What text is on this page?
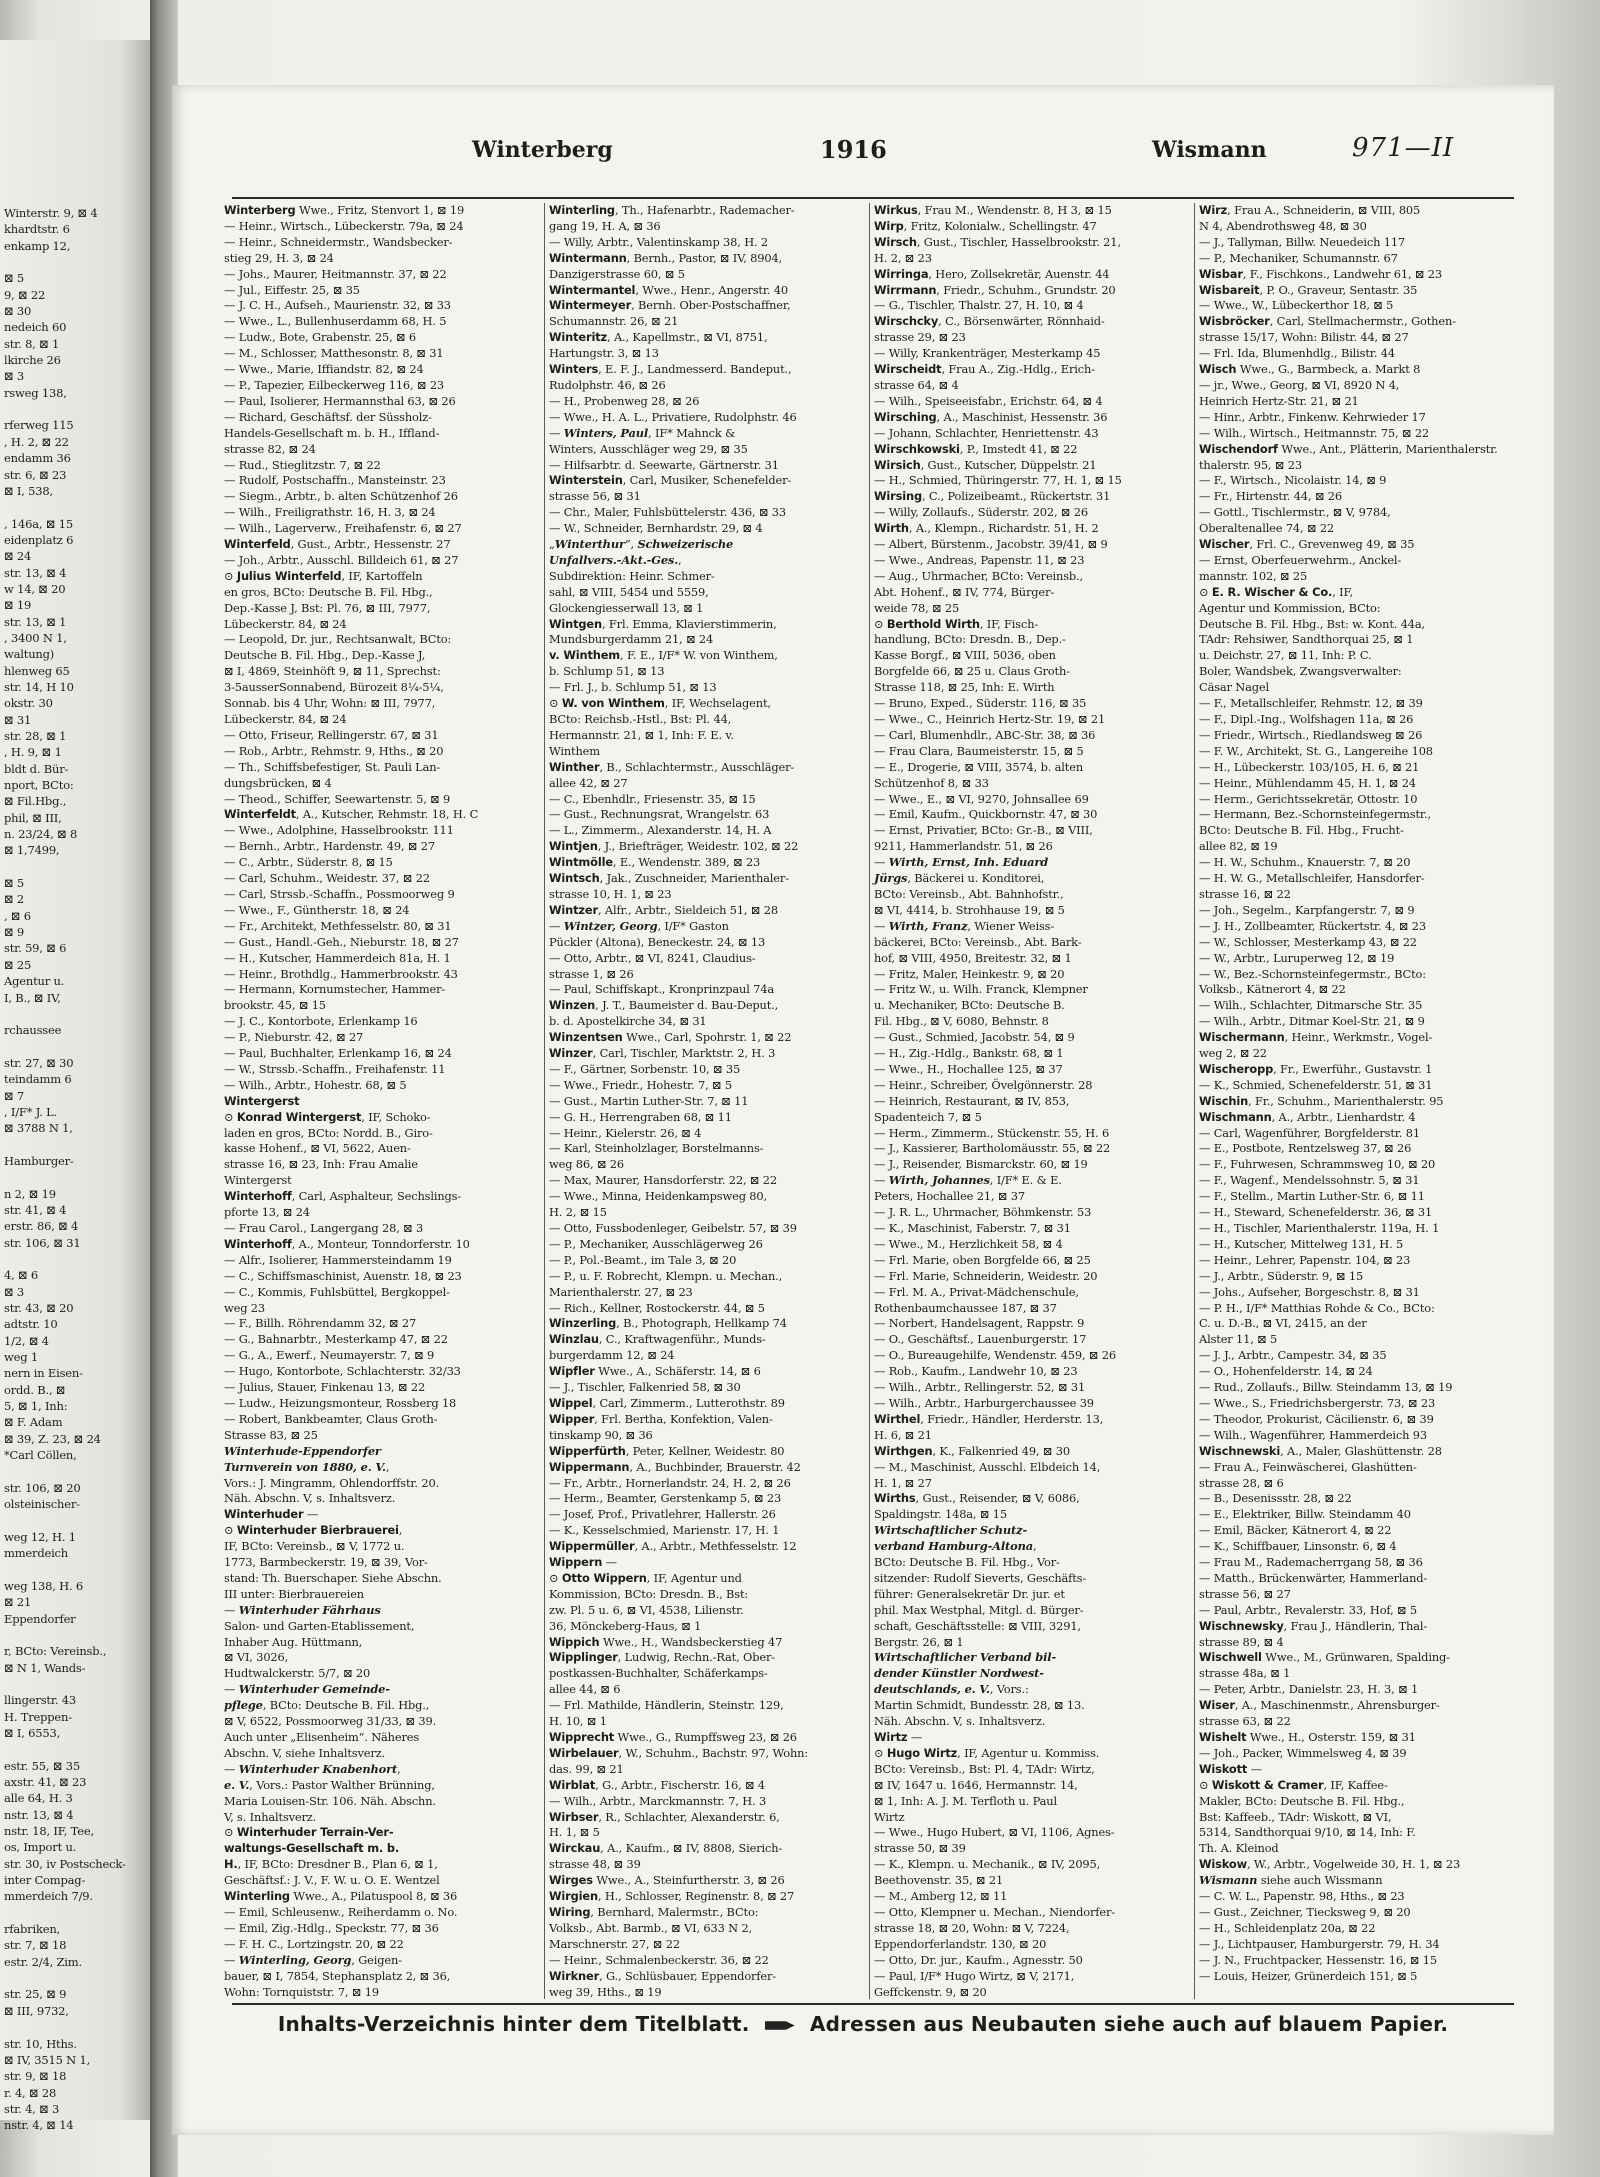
Winterstr. 9, ⊠ 4
khardtstr. 6
enkamp 12,

⊠ 5
9, ⊠ 22
⊠ 30
nedeich 60
str. 8, ⊠ 1
lkirche 26
⊠ 3
rsweg 138,

rferweg 115
, H. 2, ⊠ 22
endamm 36
str. 6, ⊠ 23
⊠ I, 538,

, 146a, ⊠ 15
eidenplatz 6
⊠ 24
str. 13, ⊠ 4
w 14, ⊠ 20
⊠ 19
str. 13, ⊠ 1
, 3400 N 1,
waltung)
hlenweg 65
str. 14, H 10
okstr. 30
⊠ 31
str. 28, ⊠ 1
, H. 9, ⊠ 1
bldt d. Bür-
nport, BCto:
⊠ Fil.Hbg.,
phil, ⊠ III,
n. 23/24, ⊠ 8
⊠ 1,7499,

⊠ 5
⊠ 2
, ⊠ 6
⊠ 9
str. 59, ⊠ 6
⊠ 25
Agentur u.
I, B., ⊠ IV,

rchaussee

str. 27, ⊠ 30
teindamm 6
⊠ 7
, I/F* J. L.
⊠ 3788 N 1,

Hamburger-

n 2, ⊠ 19
str. 41, ⊠ 4
erstr. 86, ⊠ 4
str. 106, ⊠ 31

4, ⊠ 6
⊠ 3
str. 43, ⊠ 20
adtstr. 10
1/2, ⊠ 4
weg 1
nern in Eisen-
ordd. B., ⊠
5, ⊠ 1, Inh:
⊠ F. Adam
⊠ 39, Z. 23, ⊠ 24
*Carl Cöllen,

str. 106, ⊠ 20
olsteinischer-

weg 12, H. 1
mmerdeich

weg 138, H. 6
⊠ 21
Eppendorfer

r, BCto: Vereinsb.,
⊠ N 1, Wands-

llingerstr. 43
H. Treppen-
⊠ I, 6553,

estr. 55, ⊠ 35
axstr. 41, ⊠ 23
alle 64, H. 3
nstr. 13, ⊠ 4
nstr. 18, IF, Tee,
os, Import u.
str. 30, iv Postscheck-
inter Compag-
mmerdeich 7/9.

rfabriken,
str. 7, ⊠ 18
estr. 2/4, Zim.

str. 25, ⊠ 9
⊠ III, 9732,

str. 10, Hths.
⊠ IV, 3515 N 1,
str. 9, ⊠ 18
r. 4, ⊠ 28
str. 4, ⊠ 3
nstr. 4, ⊠ 14
Winterberg	1916	Wismann	971—II
Winterberg Wwe., Fritz, Stenvort 1, ⊠ 19
— Heinr., Wirtsch., Lübeckerstr. 79a, ⊠ 24
— Heinr., Schneidermstr., Wandsbecker-
stieg 29, H. 3, ⊠ 24
— Johs., Maurer, Heitmannstr. 37, ⊠ 22
— Jul., Eiffestr. 25, ⊠ 35
— J. C. H., Aufseh., Maurienstr. 32, ⊠ 33
— Wwe., L., Bullenhuserdamm 68, H. 5
— Ludw., Bote, Grabenstr. 25, ⊠ 6
— M., Schlosser, Matthesonstr. 8, ⊠ 31
— Wwe., Marie, Iffiandstr. 82, ⊠ 24
— P., Tapezier, Eilbeckerweg 116, ⊠ 23
— Paul, Isolierer, Hermannsthal 63, ⊠ 26
— Richard, Geschäftsf. der Süssholz-
Handels-Gesellschaft m. b. H., Iffland-
strasse 82, ⊠ 24
— Rud., Stieglitzstr. 7, ⊠ 22
— Rudolf, Postschaffn., Mansteinstr. 23
— Siegm., Arbtr., b. alten Schützenhof 26
— Wilh., Freiligrathstr. 16, H. 3, ⊠ 24
— Wilh., Lagerverw., Freihafenstr. 6, ⊠ 27
Winterfeld, Gust., Arbtr., Hessenstr. 27
— Joh., Arbtr., Ausschl. Billdeich 61, ⊠ 27
⊙ Julius Winterfeld, IF, Kartoffeln
en gros, BCto: Deutsche B. Fil. Hbg.,
Dep.-Kasse J, Bst: Pl. 76, ⊠ III, 7977,
Lübeckerstr. 84, ⊠ 24
— Leopold, Dr. jur., Rechtsanwalt, BCto:
Deutsche B. Fil. Hbg., Dep.-Kasse J,
⊠ I, 4869, Steinhöft 9, ⊠ 11, Sprechst:
3-5ausserSonnabend, Bürozeit 8¼-5¼,
Sonnab. bis 4 Uhr, Wohn: ⊠ III, 7977,
Lübeckerstr. 84, ⊠ 24
— Otto, Friseur, Rellingerstr. 67, ⊠ 31
— Rob., Arbtr., Rehmstr. 9, Hths., ⊠ 20
— Th., Schiffsbefestiger, St. Pauli Lan-
dungsbrücken, ⊠ 4
— Theod., Schiffer, Seewartenstr. 5, ⊠ 9
Winterfeldt, A., Kutscher, Rehmstr. 18, H. C
— Wwe., Adolphine, Hasselbrookstr. 111
— Bernh., Arbtr., Hardenstr. 49, ⊠ 27
— C., Arbtr., Süderstr. 8, ⊠ 15
— Carl, Schuhm., Weidestr. 37, ⊠ 22
— Carl, Strssb.-Schaffn., Possmoorweg 9
— Wwe., F., Güntherstr. 18, ⊠ 24
— Fr., Architekt, Methfesselstr. 80, ⊠ 31
— Gust., Handl.-Geh., Nieburstr. 18, ⊠ 27
— H., Kutscher, Hammerdeich 81a, H. 1
— Heinr., Brothdlg., Hammerbrookstr. 43
— Hermann, Kornumstecher, Hammer-
brookstr. 45, ⊠ 15
— J. C., Kontorbote, Erlenkamp 16
— P., Nieburstr. 42, ⊠ 27
— Paul, Buchhalter, Erlenkamp 16, ⊠ 24
— W., Strssb.-Schaffn., Freihafenstr. 11
— Wilh., Arbtr., Hohestr. 68, ⊠ 5
Wintergerst
⊙ Konrad Wintergerst, IF, Schoko-
laden en gros, BCto: Nordd. B., Giro-
kasse Hohenf., ⊠ VI, 5622, Auen-
strasse 16, ⊠ 23, Inh: Frau Amalie
Wintergerst
Winterhoff, Carl, Asphalteur, Sechslings-
pforte 13, ⊠ 24
— Frau Carol., Langergang 28, ⊠ 3
Winterhoff, A., Monteur, Tonndorferstr. 10
— Alfr., Isolierer, Hammersteindamm 19
— C., Schiffsmaschinist, Auenstr. 18, ⊠ 23
— C., Kommis, Fuhlsbüttel, Bergkoppel-
weg 23
— F., Billh. Röhrendamm 32, ⊠ 27
— G., Bahnarbtr., Mesterkamp 47, ⊠ 22
— G., A., Ewerf., Neumayerstr. 7, ⊠ 9
— Hugo, Kontorbote, Schlachterstr. 32/33
— Julius, Stauer, Finkenau 13, ⊠ 22
— Ludw., Heizungsmonteur, Rossberg 18
— Robert, Bankbeamter, Claus Groth-
Strasse 83, ⊠ 25
Winterhude-Eppendorfer
Turnverein von 1880, e. V.,
Vors.: J. Mingramm, Ohlendorffstr. 20.
Näh. Abschn. V, s. Inhaltsverz.
Winterhuder —
⊙ Winterhuder Bierbrauerei,
IF, BCto: Vereinsb., ⊠ V, 1772 u.
1773, Barmbeckerstr. 19, ⊠ 39, Vor-
stand: Th. Buerschaper. Siehe Abschn.
III unter: Bierbrauereien
— Winterhuder Fährhaus
Salon- und Garten-Etablissement,
Inhaber Aug. Hüttmann,
⊠ VI, 3026,
Hudtwalckerstr. 5/7, ⊠ 20
— Winterhuder Gemeinde-
pflege, BCto: Deutsche B. Fil. Hbg.,
⊠ V, 6522, Possmoorweg 31/33, ⊠ 39.
Auch unter „Elisenheim“. Näheres
Abschn. V, siehe Inhaltsverz.
— Winterhuder Knabenhort,
e. V., Vors.: Pastor Walther Brünning,
Maria Louisen-Str. 106. Näh. Abschn.
V, s. Inhaltsverz.
⊙ Winterhuder Terrain-Ver-
waltungs-Gesellschaft m. b.
H., IF, BCto: Dresdner B., Plan 6, ⊠ 1,
Geschäftsf.: J. V., F. W. u. O. E. Wentzel
Winterling Wwe., A., Pilatuspool 8, ⊠ 36
— Emil, Schleusenw., Reiherdamm o. No.
— Emil, Zig.-Hdlg., Speckstr. 77, ⊠ 36
— F. H. C., Lortzingstr. 20, ⊠ 22
— Winterling, Georg, Geigen-
bauer, ⊠ I, 7854, Stephansplatz 2, ⊠ 36,
Wohn: Tornquiststr. 7, ⊠ 19
Winterling, Th., Hafenarbtr., Rademacher-
gang 19, H. A, ⊠ 36
— Willy, Arbtr., Valentinskamp 38, H. 2
Wintermann, Bernh., Pastor, ⊠ IV, 8904,
Danzigerstrasse 60, ⊠ 5
Wintermantel, Wwe., Henr., Angerstr. 40
Wintermeyer, Bernh. Ober-Postschaffner,
Schumannstr. 26, ⊠ 21
Winteritz, A., Kapellmstr., ⊠ VI, 8751,
Hartungstr. 3, ⊠ 13
Winters, E. F. J., Landmesserd. Bandeput.,
Rudolphstr. 46, ⊠ 26
— H., Probenweg 28, ⊠ 26
— Wwe., H. A. L., Privatiere, Rudolphstr. 46
— Winters, Paul, IF* Mahnck &
Winters, Ausschläger weg 29, ⊠ 35
— Hilfsarbtr. d. Seewarte, Gärtnerstr. 31
Winterstein, Carl, Musiker, Schenefelder-
strasse 56, ⊠ 31
— Chr., Maler, Fuhlsbüttelerstr. 436, ⊠ 33
— W., Schneider, Bernhardstr. 29, ⊠ 4
„Winterthur“, Schweizerische
Unfallvers.-Akt.-Ges.,
Subdirektion: Heinr. Schmer-
sahl, ⊠ VIII, 5454 und 5559,
Glockengiesserwall 13, ⊠ 1
Wintgen, Frl. Emma, Klavierstimmerin,
Mundsburgerdamm 21, ⊠ 24
v. Winthem, F. E., I/F* W. von Winthem,
b. Schlump 51, ⊠ 13
— Frl. J., b. Schlump 51, ⊠ 13
⊙ W. von Winthem, IF, Wechselagent,
BCto: Reichsb.-Hstl., Bst: Pl. 44,
Hermannstr. 21, ⊠ 1, Inh: F. E. v.
Winthem
Winther, B., Schlachtermstr., Ausschläger-
allee 42, ⊠ 27
— C., Ebenhdlr., Friesenstr. 35, ⊠ 15
— Gust., Rechnungsrat, Wrangelstr. 63
— L., Zimmerm., Alexanderstr. 14, H. A
Wintjen, J., Briefträger, Weidestr. 102, ⊠ 22
Wintmölle, E., Wendenstr. 389, ⊠ 23
Wintsch, Jak., Zuschneider, Marienthaler-
strasse 10, H. 1, ⊠ 23
Wintzer, Alfr., Arbtr., Sieldeich 51, ⊠ 28
— Wintzer, Georg, I/F* Gaston
Pückler (Altona), Beneckestr. 24, ⊠ 13
— Otto, Arbtr., ⊠ VI, 8241, Claudius-
strasse 1, ⊠ 26
— Paul, Schiffskapt., Kronprinzpaul 74a
Winzen, J. T., Baumeister d. Bau-Deput.,
b. d. Apostelkirche 34, ⊠ 31
Winzentsen Wwe., Carl, Spohrstr. 1, ⊠ 22
Winzer, Carl, Tischler, Marktstr. 2, H. 3
— F., Gärtner, Sorbenstr. 10, ⊠ 35
— Wwe., Friedr., Hohestr. 7, ⊠ 5
— Gust., Martin Luther-Str. 7, ⊠ 11
— G. H., Herrengraben 68, ⊠ 11
— Heinr., Kielerstr. 26, ⊠ 4
— Karl, Steinholzlager, Borstelmanns-
weg 86, ⊠ 26
— Max, Maurer, Hansdorferstr. 22, ⊠ 22
— Wwe., Minna, Heidenkampsweg 80,
H. 2, ⊠ 15
— Otto, Fussbodenleger, Geibelstr. 57, ⊠ 39
— P., Mechaniker, Ausschlägerweg 26
— P., Pol.-Beamt., im Tale 3, ⊠ 20
— P., u. F. Robrecht, Klempn. u. Mechan.,
Marienthalerstr. 27, ⊠ 23
— Rich., Kellner, Rostockerstr. 44, ⊠ 5
Winzerling, B., Photograph, Hellkamp 74
Winzlau, C., Kraftwagenführ., Munds-
burgerdamm 12, ⊠ 24
Wipfler Wwe., A., Schäferstr. 14, ⊠ 6
— J., Tischler, Falkenried 58, ⊠ 30
Wippel, Carl, Zimmerm., Lutterothstr. 89
Wipper, Frl. Bertha, Konfektion, Valen-
tinskamp 90, ⊠ 36
Wipperfürth, Peter, Kellner, Weidestr. 80
Wippermann, A., Buchbinder, Brauerstr. 42
— Fr., Arbtr., Hornerlandstr. 24, H. 2, ⊠ 26
— Herm., Beamter, Gerstenkamp 5, ⊠ 23
— Josef, Prof., Privatlehrer, Hallerstr. 26
— K., Kesselschmied, Marienstr. 17, H. 1
Wippermüller, A., Arbtr., Methfesselstr. 12
Wippern —
⊙ Otto Wippern, IF, Agentur und
Kommission, BCto: Dresdn. B., Bst:
zw. Pl. 5 u. 6, ⊠ VI, 4538, Lilienstr.
36, Mönckeberg-Haus, ⊠ 1
Wippich Wwe., H., Wandsbeckerstieg 47
Wipplinger, Ludwig, Rechn.-Rat, Ober-
postkassen-Buchhalter, Schäferkamps-
allee 44, ⊠ 6
— Frl. Mathilde, Händlerin, Steinstr. 129,
H. 10, ⊠ 1
Wipprecht Wwe., G., Rumpffsweg 23, ⊠ 26
Wirbelauer, W., Schuhm., Bachstr. 97, Wohn:
das. 99, ⊠ 21
Wirblat, G., Arbtr., Fischerstr. 16, ⊠ 4
— Wilh., Arbtr., Marckmannstr. 7, H. 3
Wirbser, R., Schlachter, Alexanderstr. 6,
H. 1, ⊠ 5
Wirckau, A., Kaufm., ⊠ IV, 8808, Sierich-
strasse 48, ⊠ 39
Wirges Wwe., A., Steinfurtherstr. 3, ⊠ 26
Wirgien, H., Schlosser, Reginenstr. 8, ⊠ 27
Wiring, Bernhard, Malermstr., BCto:
Volksb., Abt. Barmb., ⊠ VI, 633 N 2,
Marschnerstr. 27, ⊠ 22
— Heinr., Schmalenbeckerstr. 36, ⊠ 22
Wirkner, G., Schlüsbauer, Eppendorfer-
weg 39, Hths., ⊠ 19
Wirkus, Frau M., Wendenstr. 8, H 3, ⊠ 15
Wirp, Fritz, Kolonialw., Schellingstr. 47
Wirsch, Gust., Tischler, Hasselbrookstr. 21,
H. 2, ⊠ 23
Wirringa, Hero, Zollsekretär, Auenstr. 44
Wirrmann, Friedr., Schuhm., Grundstr. 20
— G., Tischler, Thalstr. 27, H. 10, ⊠ 4
Wirschcky, C., Börsenwärter, Rönnhaid-
strasse 29, ⊠ 23
— Willy, Krankenträger, Mesterkamp 45
Wirscheidt, Frau A., Zig.-Hdlg., Erich-
strasse 64, ⊠ 4
— Wilh., Speiseeisfabr., Erichstr. 64, ⊠ 4
Wirsching, A., Maschinist, Hessenstr. 36
— Johann, Schlachter, Henriettenstr. 43
Wirschkowski, P., Imstedt 41, ⊠ 22
Wirsich, Gust., Kutscher, Düppelstr. 21
— H., Schmied, Thüringerstr. 77, H. 1, ⊠ 15
Wirsing, C., Polizeibeamt., Rückertstr. 31
— Willy, Zollaufs., Süderstr. 202, ⊠ 26
Wirth, A., Klempn., Richardstr. 51, H. 2
— Albert, Bürstenm., Jacobstr. 39/41, ⊠ 9
— Wwe., Andreas, Papenstr. 11, ⊠ 23
— Aug., Uhrmacher, BCto: Vereinsb.,
Abt. Hohenf., ⊠ IV, 774, Bürger-
weide 78, ⊠ 25
⊙ Berthold Wirth, IF, Fisch-
handlung, BCto: Dresdn. B., Dep.-
Kasse Borgf., ⊠ VIII, 5036, oben
Borgfelde 66, ⊠ 25 u. Claus Groth-
Strasse 118, ⊠ 25, Inh: E. Wirth
— Bruno, Exped., Süderstr. 116, ⊠ 35
— Wwe., C., Heinrich Hertz-Str. 19, ⊠ 21
— Carl, Blumenhdlr., ABC-Str. 38, ⊠ 36
— Frau Clara, Baumeisterstr. 15, ⊠ 5
— E., Drogerie, ⊠ VIII, 3574, b. alten
Schützenhof 8, ⊠ 33
— Wwe., E., ⊠ VI, 9270, Johnsallee 69
— Emil, Kaufm., Quickbornstr. 47, ⊠ 30
— Ernst, Privatier, BCto: Gr.-B., ⊠ VIII,
9211, Hammerlandstr. 51, ⊠ 26
— Wirth, Ernst, Inh. Eduard
Jürgs, Bäckerei u. Konditorei,
BCto: Vereinsb., Abt. Bahnhofstr.,
⊠ VI, 4414, b. Strohhause 19, ⊠ 5
— Wirth, Franz, Wiener Weiss-
bäckerei, BCto: Vereinsb., Abt. Bark-
hof, ⊠ VIII, 4950, Breitestr. 32, ⊠ 1
— Fritz, Maler, Heinkestr. 9, ⊠ 20
— Fritz W., u. Wilh. Franck, Klempner
u. Mechaniker, BCto: Deutsche B.
Fil. Hbg., ⊠ V, 6080, Behnstr. 8
— Gust., Schmied, Jacobstr. 54, ⊠ 9
— H., Zig.-Hdlg., Bankstr. 68, ⊠ 1
— Wwe., H., Hochallee 125, ⊠ 37
— Heinr., Schreiber, Övelgönnerstr. 28
— Heinrich, Restaurant, ⊠ IV, 853,
Spadenteich 7, ⊠ 5
— Herm., Zimmerm., Stückenstr. 55, H. 6
— J., Kassierer, Bartholomäusstr. 55, ⊠ 22
— J., Reisender, Bismarckstr. 60, ⊠ 19
— Wirth, Johannes, I/F* E. & E.
Peters, Hochallee 21, ⊠ 37
— J. R. L., Uhrmacher, Böhmkenstr. 53
— K., Maschinist, Faberstr. 7, ⊠ 31
— Wwe., M., Herzlichkeit 58, ⊠ 4
— Frl. Marie, oben Borgfelde 66, ⊠ 25
— Frl. Marie, Schneiderin, Weidestr. 20
— Frl. M. A., Privat-Mädchenschule,
Rothenbaumchaussee 187, ⊠ 37
— Norbert, Handelsagent, Rappstr. 9
— O., Geschäftsf., Lauenburgerstr. 17
— O., Bureaugehilfe, Wendenstr. 459, ⊠ 26
— Rob., Kaufm., Landwehr 10, ⊠ 23
— Wilh., Arbtr., Rellingerstr. 52, ⊠ 31
— Wilh., Arbtr., Harburgerchaussee 39
Wirthel, Friedr., Händler, Herderstr. 13,
H. 6, ⊠ 21
Wirthgen, K., Falkenried 49, ⊠ 30
— M., Maschinist, Ausschl. Elbdeich 14,
H. 1, ⊠ 27
Wirths, Gust., Reisender, ⊠ V, 6086,
Spaldingstr. 148a, ⊠ 15
Wirtschaftlicher Schutz-
verband Hamburg-Altona,
BCto: Deutsche B. Fil. Hbg., Vor-
sitzender: Rudolf Sieverts, Geschäfts-
führer: Generalsekretär Dr. jur. et
phil. Max Westphal, Mitgl. d. Bürger-
schaft, Geschäftsstelle: ⊠ VIII, 3291,
Bergstr. 26, ⊠ 1
Wirtschaftlicher Verband bil-
dender Künstler Nordwest-
deutschlands, e. V., Vors.:
Martin Schmidt, Bundesstr. 28, ⊠ 13.
Näh. Abschn. V, s. Inhaltsverz.
Wirtz —
⊙ Hugo Wirtz, IF, Agentur u. Kommiss.
BCto: Vereinsb., Bst: Pl. 4, TAdr: Wirtz,
⊠ IV, 1647 u. 1646, Hermannstr. 14,
⊠ 1, Inh: A. J. M. Terfloth u. Paul
Wirtz
— Wwe., Hugo Hubert, ⊠ VI, 1106, Agnes-
strasse 50, ⊠ 39
— K., Klempn. u. Mechanik., ⊠ IV, 2095,
Beethovenstr. 35, ⊠ 21
— M., Amberg 12, ⊠ 11
— Otto, Klempner u. Mechan., Niendorfer-
strasse 18, ⊠ 20, Wohn: ⊠ V, 7224,
Eppendorferlandstr. 130, ⊠ 20
— Otto, Dr. jur., Kaufm., Agnesstr. 50
— Paul, I/F* Hugo Wirtz, ⊠ V, 2171,
Geffckenstr. 9, ⊠ 20
Wirz, Frau A., Schneiderin, ⊠ VIII, 805
N 4, Abendrothsweg 48, ⊠ 30
— J., Tallyman, Billw. Neuedeich 117
— P., Mechaniker, Schumannstr. 67
Wisbar, F., Fischkons., Landwehr 61, ⊠ 23
Wisbareit, P. O., Graveur, Sentastr. 35
— Wwe., W., Lübeckerthor 18, ⊠ 5
Wisbröcker, Carl, Stellmachermstr., Gothen-
strasse 15/17, Wohn: Bilistr. 44, ⊠ 27
— Frl. Ida, Blumenhdlg., Bilistr. 44
Wisch Wwe., G., Barmbeck, a. Markt 8
— jr., Wwe., Georg, ⊠ VI, 8920 N 4,
Heinrich Hertz-Str. 21, ⊠ 21
— Hinr., Arbtr., Finkenw. Kehrwieder 17
— Wilh., Wirtsch., Heitmannstr. 75, ⊠ 22
Wischendorf Wwe., Ant., Plätterin, Marienthalerstr.
thalerstr. 95, ⊠ 23
— F., Wirtsch., Nicolaistr. 14, ⊠ 9
— Fr., Hirtenstr. 44, ⊠ 26
— Gottl., Tischlermstr., ⊠ V, 9784,
Oberaltenallee 74, ⊠ 22
Wischer, Frl. C., Grevenweg 49, ⊠ 35
— Ernst, Oberfeuerwehrm., Anckel-
mannstr. 102, ⊠ 25
⊙ E. R. Wischer & Co., IF,
Agentur und Kommission, BCto:
Deutsche B. Fil. Hbg., Bst: w. Kont. 44a,
TAdr: Rehsiwer, Sandthorquai 25, ⊠ 1
u. Deichstr. 27, ⊠ 11, Inh: P. C.
Boler, Wandsbek, Zwangsverwalter:
Cäsar Nagel
— F., Metallschleifer, Rehmstr. 12, ⊠ 39
— F., Dipl.-Ing., Wolfshagen 11a, ⊠ 26
— Friedr., Wirtsch., Riedlandsweg ⊠ 26
— F. W., Architekt, St. G., Langereihe 108
— H., Lübeckerstr. 103/105, H. 6, ⊠ 21
— Heinr., Mühlendamm 45, H. 1, ⊠ 24
— Herm., Gerichtssekretär, Ottostr. 10
— Hermann, Bez.-Schornsteinfegermstr.,
BCto: Deutsche B. Fil. Hbg., Frucht-
allee 82, ⊠ 19
— H. W., Schuhm., Knauerstr. 7, ⊠ 20
— H. W. G., Metallschleifer, Hansdorfer-
strasse 16, ⊠ 22
— Joh., Segelm., Karpfangerstr. 7, ⊠ 9
— J. H., Zollbeamter, Rückertstr. 4, ⊠ 23
— W., Schlosser, Mesterkamp 43, ⊠ 22
— W., Arbtr., Luruperweg 12, ⊠ 19
— W., Bez.-Schornsteinfegermstr., BCto:
Volksb., Kätnerort 4, ⊠ 22
— Wilh., Schlachter, Ditmarsche Str. 35
— Wilh., Arbtr., Ditmar Koel-Str. 21, ⊠ 9
Wischermann, Heinr., Werkmstr., Vogel-
weg 2, ⊠ 22
Wischeropp, Fr., Ewerführ., Gustavstr. 1
— K., Schmied, Schenefelderstr. 51, ⊠ 31
Wischin, Fr., Schuhm., Marienthalerstr. 95
Wischmann, A., Arbtr., Lienhardstr. 4
— Carl, Wagenführer, Borgfelderstr. 81
— E., Postbote, Rentzelsweg 37, ⊠ 26
— F., Fuhrwesen, Schrammsweg 10, ⊠ 20
— F., Wagenf., Mendelssohnstr. 5, ⊠ 31
— F., Stellm., Martin Luther-Str. 6, ⊠ 11
— H., Steward, Schenefelderstr. 36, ⊠ 31
— H., Tischler, Marienthalerstr. 119a, H. 1
— H., Kutscher, Mittelweg 131, H. 5
— Heinr., Lehrer, Papenstr. 104, ⊠ 23
— J., Arbtr., Süderstr. 9, ⊠ 15
— Johs., Aufseher, Borgeschstr. 8, ⊠ 31
— P. H., I/F* Matthias Rohde & Co., BCto:
C. u. D.-B., ⊠ VI, 2415, an der
Alster 11, ⊠ 5
— J. J., Arbtr., Campestr. 34, ⊠ 35
— O., Hohenfelderstr. 14, ⊠ 24
— Rud., Zollaufs., Billw. Steindamm 13, ⊠ 19
— Wwe., S., Friedrichsbergerstr. 73, ⊠ 23
— Theodor, Prokurist, Cäcilienstr. 6, ⊠ 39
— Wilh., Wagenführer, Hammerdeich 93
Wischnewski, A., Maler, Glashüttenstr. 28
— Frau A., Feinwäscherei, Glashütten-
strasse 28, ⊠ 6
— B., Desenissstr. 28, ⊠ 22
— E., Elektriker, Billw. Steindamm 40
— Emil, Bäcker, Kätnerort 4, ⊠ 22
— K., Schiffbauer, Linsonstr. 6, ⊠ 4
— Frau M., Rademacherrgang 58, ⊠ 36
— Matth., Brückenwärter, Hammerland-
strasse 56, ⊠ 27
— Paul, Arbtr., Revalerstr. 33, Hof, ⊠ 5
Wischnewsky, Frau J., Händlerin, Thal-
strasse 89, ⊠ 4
Wischwell Wwe., M., Grünwaren, Spalding-
strasse 48a, ⊠ 1
— Peter, Arbtr., Danielstr. 23, H. 3, ⊠ 1
Wiser, A., Maschinenmstr., Ahrensburger-
strasse 63, ⊠ 22
Wishelt Wwe., H., Osterstr. 159, ⊠ 31
— Joh., Packer, Wimmelsweg 4, ⊠ 39
Wiskott —
⊙ Wiskott & Cramer, IF, Kaffee-
Makler, BCto: Deutsche B. Fil. Hbg.,
Bst: Kaffeeb., TAdr: Wiskott, ⊠ VI,
5314, Sandthorquai 9/10, ⊠ 14, Inh: F.
Th. A. Kleinod
Wiskow, W., Arbtr., Vogelweide 30, H. 1, ⊠ 23
Wismann siehe auch Wissmann
— C. W. L., Papenstr. 98, Hths., ⊠ 23
— Gust., Zeichner, Tiecksweg 9, ⊠ 20
— H., Schleidenplatz 20a, ⊠ 22
— J., Lichtpauser, Hamburgerstr. 79, H. 34
— J. N., Fruchtpacker, Hessenstr. 16, ⊠ 15
— Louis, Heizer, Grünerdeich 151, ⊠ 5
Inhalts-Verzeichnis hinter dem Titelblatt.	Adressen aus Neubauten siehe auch auf blauem Papier.
